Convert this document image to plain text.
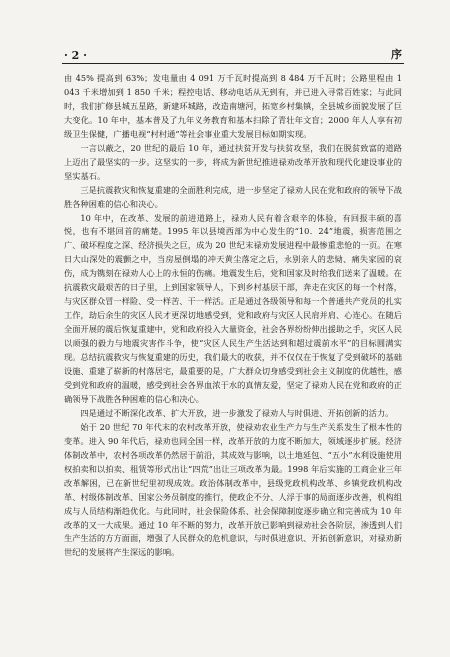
· 2 ·	序

由 45% 提高到 63%；发电量由 4 091 万千瓦时提高到 8 484 万千瓦时；公路里程由 1 043 千米增加到 1 850 千米；程控电话、移动电话从无到有，并已进入寻常百姓家；与此同时，我们扩修县城五星路，新建环城路，改造南塘河，拓宽乡村集镇，全县城乡面貌发展了巨大变化。10 年中，基本普及了九年义务教育和基本扫除了青壮年文盲；2000 年人人享有初级卫生保健，广播电视“村村通”等社会事业重大发展目标如期实现。

一言以蔽之，20 世纪的最后 10 年，通过扶贫开发与扶贫攻坚，我们在脱贫致富的道路上迈出了最坚实的一步。这坚实的一步，将成为新世纪推进禄劝改革开放和现代化建设事业的坚实基石。

三是抗震救灾和恢复重建的全面胜利完成，进一步坚定了禄劝人民在党和政府的领导下战胜各种困难的信心和决心。

10 年中，在改革、发展的前进道路上，禄劝人民有着含艰辛的体验，有回报丰硕的喜悦，也有不堪回首的痛楚。1995 年以县境西部为中心发生的“10．24”地震，损害范围之广、破坏程度之深、经济损失之巨，成为 20 世纪末禄劝发展进程中最惨重悲怆的一页。在寒日大山深处的震颤之中，当房屋倒塌的冲天黄尘落定之后，永别亲人的悲恸、痛失家园的哀伤，成为镌刻在禄劝人心上的永恒的伤痛。地震发生后，党和国家及时给我们送来了温暖。在抗震救灾最艰苦的日子里，上到国家领导人，下到乡村基层干部，奔走在灾区的每一个村落，与灾区群众冒一样险、受一样苦、干一样活。正是通过各级领导和每一个普通共产党员的扎实工作，劫后余生的灾区人民才更深切地感受到，党和政府与灾区人民肩并肩、心连心。在随后全面开展的震后恢复重建中，党和政府投入大量资金，社会各界纷纷伸出援助之手，灾区人民以顽强的毅力与地震灾害作斗争，使“灾区人民生产生活达到和超过震前水平”的目标圆满实现。总结抗震救灾与恢复重建的历史，我们最大的收获，并不仅仅在于恢复了受到破坏的基础设施、重建了崭新的村落居宅，最重要的是，广大群众切身感受到社会主义制度的优越性，感受到党和政府的温暖，感受到社会各界血浓于水的真情友爱，坚定了禄劝人民在党和政府的正确领导下战胜各种困难的信心和决心。

四是通过不断深化改革、扩大开放，进一步激发了禄劝人与时俱进、开拓创新的活力。

始于 20 世纪 70 年代末的农村改革开放，使禄劝农业生产力与生产关系发生了根本性的变革。进入 90 年代后，禄劝也同全国一样，改革开放的力度不断加大，领域逐步扩展。经济体制改革中，农村各项改革仍然居于前沿，其成效与影响，以土地延包、“五小”水利设施使用权拍卖和以拍卖、租赁等形式出让“四荒”出让三项改革为最。1998 年后实施的工商企业三年改革解困，已在新世纪里初现成效。政治体制改革中，县级党政机构改革、乡镇党政机构改革、村级体制改革、国家公务员制度的推行，使政企不分、人浮于事的局面逐步改善，机构组成与人员结构渐趋优化。与此同时，社会保险体系、社会保障制度逐步确立和完善成为 10 年改革的又一大成果。通过 10 年不断的努力，改革开放已影响到禄劝社会各阶层，渗透到人们生产生活的方方面面，增强了人民群众的危机意识，与时俱进意识、开拓创新意识，对禄劝新世纪的发展将产生深远的影响。
